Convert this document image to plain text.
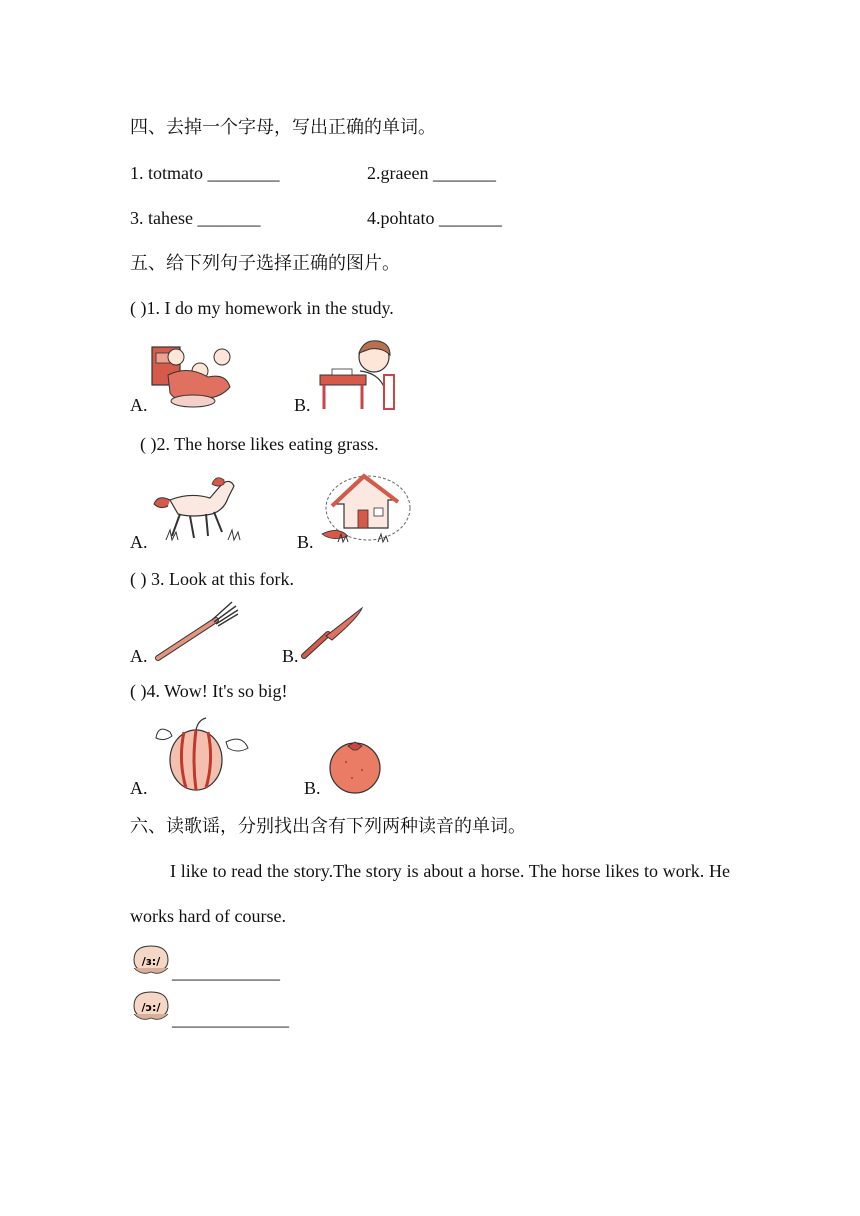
四、去掉一个字母，写出正确的单词。
1. totmato ________	2.graeen _______
3. tahese _______	4.pohtato _______
五、给下列句子选择正确的图片。
( )1. I do my homework in the study.
A.	B.
( )2. The horse likes eating grass.
A.	B.
( ) 3. Look at this fork.
A.	B.
( )4. Wow! It's so big!
A.	B.
六、读歌谣，分别找出含有下列两种读音的单词。
I like to read the story.The story is about a horse. The horse likes to work. He works hard of course.
/ɜ:/
____________
/ɔ:/
_____________
